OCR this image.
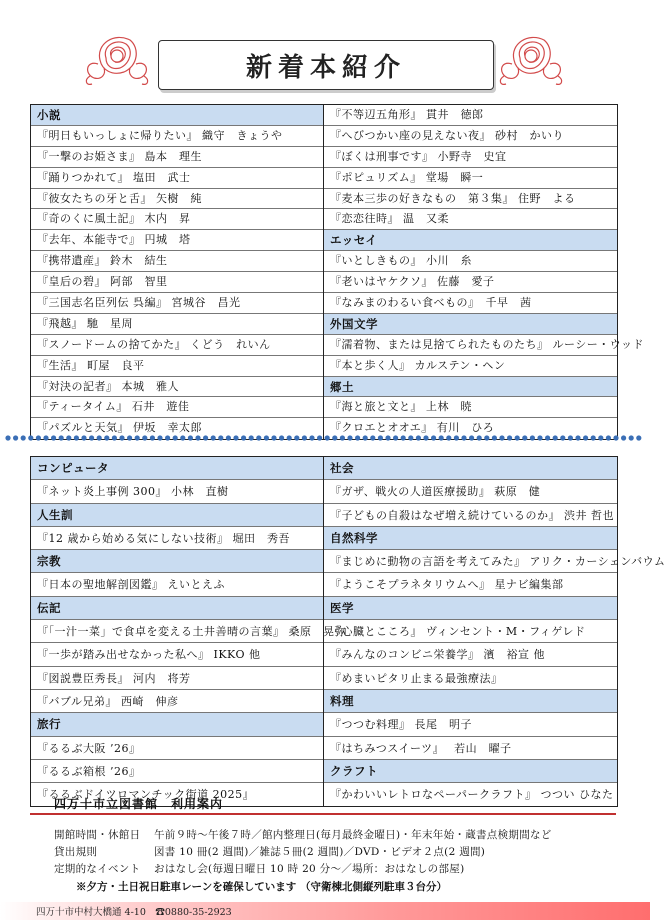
新着本紹介
小説
『明日もいっしょに帰りたい』 織守　きょうや
『一撃のお姫さま』 島本　理生
『踊りつかれて』 塩田　武士
『彼女たちの牙と舌』 矢樹　純
『奇のくに風土記』 木内　昇
『去年、本能寺で』 円城　塔
『携帯遺産』 鈴木　結生
『皇后の碧』 阿部　智里
『三国志名臣列伝 呉編』 宮城谷　昌光
『飛越』 馳　星周
『スノードームの捨てかた』 くどう　れいん
『生活』 町屋　良平
『対決の記者』 本城　雅人
『ティータイム』 石井　遊佳
『パズルと天気』 伊坂　幸太郎
『不等辺五角形』 貫井　徳郎
『へびつかい座の見えない夜』 砂村　かいり
『ぼくは刑事です』 小野寺　史宜
『ポピュリズム』 堂場　瞬一
『麦本三歩の好きなもの　第３集』 住野　よる
『恋恋往時』 温　又柔
エッセイ
『いとしきもの』 小川　糸
『老いはヤケクソ』 佐藤　愛子
『なみまのわるい食べもの』　千早　茜
外国文学
『濡着物、または見捨てられたものたち』 ルーシー・ウッド
『本と歩く人』 カルステン・ヘン
郷土
『海と旅と文と』 上林　暁
『クロエとオオエ』 有川　ひろ
コンピュータ
『ネット炎上事例 300』 小林　直樹
人生訓
『12 歳から始める気にしない技術』 堀田　秀吾
宗教
『日本の聖地解剖図鑑』 えいとえふ
伝記
『「一汁一菜」で食卓を変える土井善晴の言葉』 桑原　晃弥
『一歩が踏み出せなかった私へ』 IKKO 他
『図説豊臣秀長』 河内　将芳
『バブル兄弟』 西崎　伸彦
旅行
『るるぶ大阪 ’26』
『るるぶ箱根 ’26』
『るるぶドイツロマンチック街道 2025』
社会
『ガザ、戦火の人道医療援助』 萩原　健
『子どもの自殺はなぜ増え続けているのか』 渋井 哲也
自然科学
『まじめに動物の言語を考えてみた』 アリク・カーシェンバウム
『ようこそプラネタリウムへ』 星ナビ編集部
医学
『心臓とこころ』 ヴィンセント・M・フィゲレド
『みんなのコンビニ栄養学』 濱　裕宣 他
『めまいピタリ止まる最強療法』
料理
『つつむ料理』 長尾　明子
『はちみつスイーツ』　 若山　曜子
クラフト
『かわいいレトロなペーパークラフト』 つつい ひなた
四万十市立図書館　利用案内
開館時間・休館日 午前９時～午後７時／館内整理日(毎月最終金曜日)・年末年始・蔵書点検期間など
貸出規則	図書 10 冊(2 週間)／雑誌５冊(2 週間)／DVD・ビデオ２点(2 週間)
定期的なイベント おはなし会(毎週日曜日 10 時 20 分～／場所：おはなしの部屋)
※夕方・土日祝日駐車レーンを確保しています （守衛棟北側縦列駐車３台分）
四万十市中村大橋通 4-10　☎0880-35-2923
